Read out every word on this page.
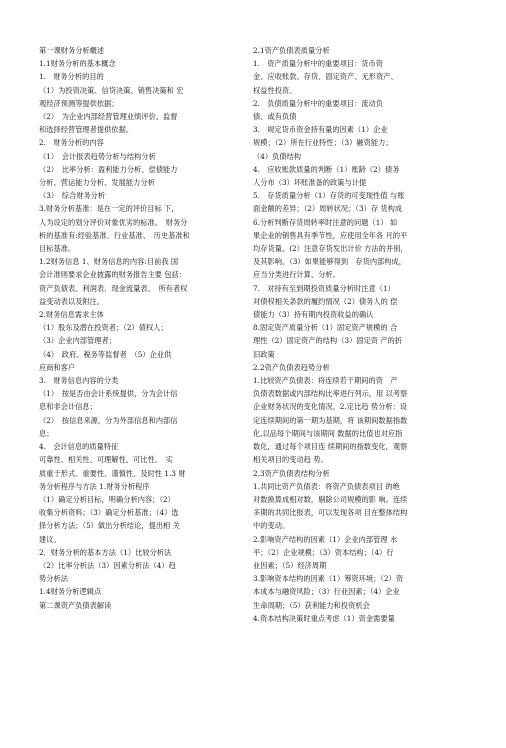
第一课财务分析概述
1.1财务分析的基本概念
1.　财务分析的目的
（1）为投资决策、信贷决策、销售决策和 宏
观经济预测等提供依据；
（2）　为企业内部经营管理业绩评价、监督
和选择经营管理者提供依据。
2.　财务分析的内容
（1）　会计报表趋势分析与结构分析
（2）　比率分析：盈利能力分析、偿债能力
分析、营运能力分析、发展能力分析
（3）　综合财务分析
3.财务分析基准：是在一定的评价目标 下，
人为设定的划分评价对象优劣的标准。　财务分
析的基准有:经验基准、行业基准、　历史基准和
目标基准。
1.2财务信息 1、财务信息的内容:目前我 国
会计准则要求企业披露的财务报告主要 包括：
资产负债表、利润表、现金流量表、　所有者权
益变动表以及附注。
2.财务信息需求主体
（1）股东及潜在投资者；（2）债权人；
（3）企业内部管理者；
（4）　政府、税务等监督者　（5）企业供
应商和客户
3.　财务信息内容的分类
（1）　按是否由会计系统提供，分为会计信
息和非会计信息；
（2）　按信息来源，分为外部信息和内部信
息；
4.　会计信息的质量特征
可靠性、相关性、可理解性、可比性、　实
质重于形式、重要性、谨慎性、及时性 1.3 财
务分析程序与方法 1.财务分析程序
（1）确定分析目标，明确分析内容；（2）
收集分析资料；（3）确定分析基准；（4）选
择分析方法；（5）做出分析结论，提出相 关
建议。
2．财务分析的基本方法（1）比较分析法
（2）比率分析法（3）因素分析法（4）趋
势分析法
1.4财务分析逻辑点
第二课资产负债表解读
2.1资产负债表质量分析
1.　资产质量分析中的重要项目：货币资
金、应收账款、存货、固定资产、无形资产、
权益性投资。
2.　负债质量分析中的重要项目：流动负
债、或有负债
3.　规定货币资金持有量的因素（1）企业
规模；（2）所在行业特性；（3）融资能力；
（4）负债结构
4.　应收账款质量的判断（1）账龄（2）债务
人分布（3）坏账准备的政策与计提
5.　存货质量分析（1）存货的可变现性值 与账
面金额的差异；（2）周转状况；（3）存 货构成
6.分析判断存货周转率时注意的问题（1） 如
果企业的销售具有季节性，应使用全年各 月的平
均存货量。(2）注意存货发出计价 方法的并别，
及其影响。（3）如果能够得到　存货内部构成，
应当分类进行计算、分析。
7.　对持有至到期投资质量分析时注意（1）
对债权相关条款的履约情况（2）债务人的 偿
债能力（3）持有期内投资收益的确认
8.固定资产质量分析（1）固定资产规模的 合
理性（2）固定资产的结构（3）固定资 产的折
旧政策
2.2资产负债表趋势分析
1.比较资产负债表：将连续若干期间的资　产
负债表数据或内部结构比率进行列示，用 以考察
企业财务状况的变化情况。2.定比趋 势分析：设
定连续期间的第一期为基期，将 该期间数据指数
化,以品每个期间与该期间 数据的比值也对应指
数化，通过每个项目连 续期间的指数变化，观察
相关项目的变动趋 势。
2.3资产负债表结构分析
1.共同比资产负债表：将资产负债表项目 的绝
对数换算成相对数，剔除公司规模的影 响。连续
多期的共同比报表，可以发现各项 目在整体结构
中的变动。
2.影响资产结构的因素（1）企业内部管理 水
平；（2）企业规模；（3）资本结构；（4）行
业因素；（5）经济周期
3.影响资本结构的因素（1）筹资环境；（2）资
本成本与融资风险；（3）行业因素；（4）企业
生命周期；（5）获利能力和投资机会
4.资本结构决策时重点考虑（1）资金需要量
